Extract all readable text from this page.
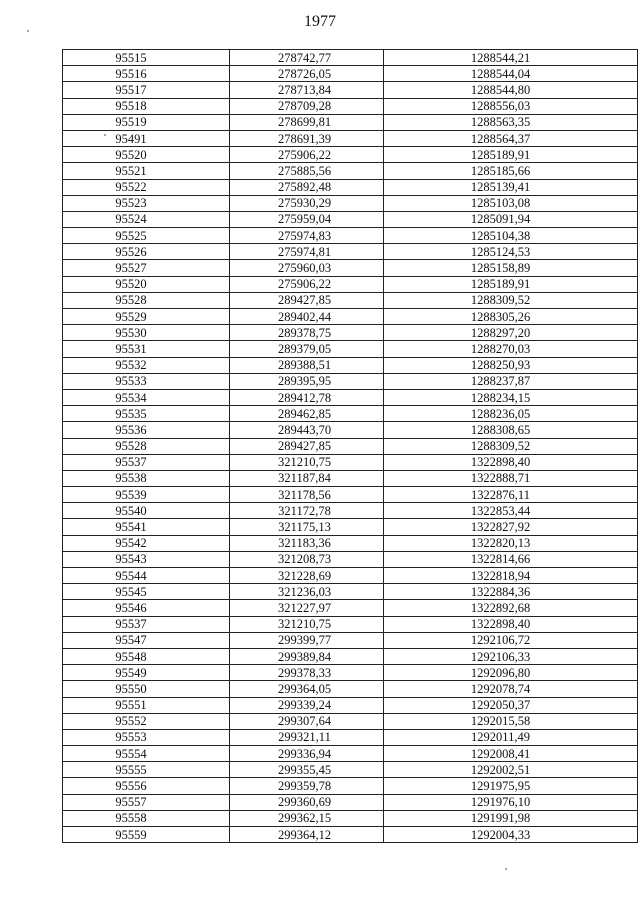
1977
95515	278742,77	1288544,21
95516	278726,05	1288544,04
95517	278713,84	1288544,80
95518	278709,28	1288556,03
95519	278699,81	1288563,35
95491	278691,39	1288564,37
95520	275906,22	1285189,91
95521	275885,56	1285185,66
95522	275892,48	1285139,41
95523	275930,29	1285103,08
95524	275959,04	1285091,94
95525	275974,83	1285104,38
95526	275974,81	1285124,53
95527	275960,03	1285158,89
95520	275906,22	1285189,91
95528	289427,85	1288309,52
95529	289402,44	1288305,26
95530	289378,75	1288297,20
95531	289379,05	1288270,03
95532	289388,51	1288250,93
95533	289395,95	1288237,87
95534	289412,78	1288234,15
95535	289462,85	1288236,05
95536	289443,70	1288308,65
95528	289427,85	1288309,52
95537	321210,75	1322898,40
95538	321187,84	1322888,71
95539	321178,56	1322876,11
95540	321172,78	1322853,44
95541	321175,13	1322827,92
95542	321183,36	1322820,13
95543	321208,73	1322814,66
95544	321228,69	1322818,94
95545	321236,03	1322884,36
95546	321227,97	1322892,68
95537	321210,75	1322898,40
95547	299399,77	1292106,72
95548	299389,84	1292106,33
95549	299378,33	1292096,80
95550	299364,05	1292078,74
95551	299339,24	1292050,37
95552	299307,64	1292015,58
95553	299321,11	1292011,49
95554	299336,94	1292008,41
95555	299355,45	1292002,51
95556	299359,78	1291975,95
95557	299360,69	1291976,10
95558	299362,15	1291991,98
95559	299364,12	1292004,33
